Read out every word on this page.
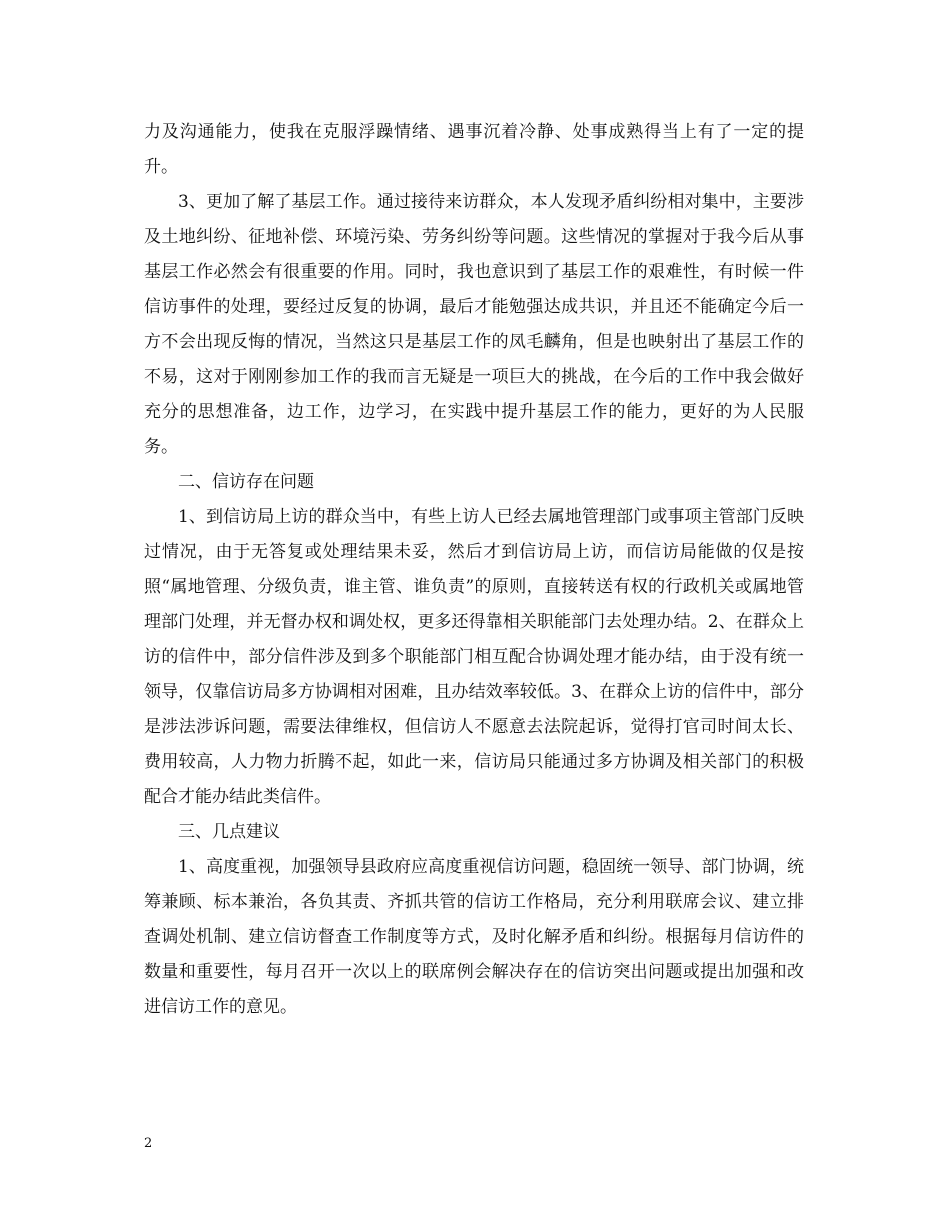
力及沟通能力，使我在克服浮躁情绪、遇事沉着冷静、处事成熟得当上有了一定的提升。

3、更加了解了基层工作。通过接待来访群众，本人发现矛盾纠纷相对集中，主要涉及土地纠纷、征地补偿、环境污染、劳务纠纷等问题。这些情况的掌握对于我今后从事基层工作必然会有很重要的作用。同时，我也意识到了基层工作的艰难性，有时候一件信访事件的处理，要经过反复的协调，最后才能勉强达成共识，并且还不能确定今后一方不会出现反悔的情况，当然这只是基层工作的凤毛麟角，但是也映射出了基层工作的不易，这对于刚刚参加工作的我而言无疑是一项巨大的挑战，在今后的工作中我会做好充分的思想准备，边工作，边学习，在实践中提升基层工作的能力，更好的为人民服务。

二、信访存在问题

1、到信访局上访的群众当中，有些上访人已经去属地管理部门或事项主管部门反映过情况，由于无答复或处理结果未妥，然后才到信访局上访，而信访局能做的仅是按照“属地管理、分级负责，谁主管、谁负责”的原则，直接转送有权的行政机关或属地管理部门处理，并无督办权和调处权，更多还得靠相关职能部门去处理办结。2、在群众上访的信件中，部分信件涉及到多个职能部门相互配合协调处理才能办结，由于没有统一领导，仅靠信访局多方协调相对困难，且办结效率较低。3、在群众上访的信件中，部分是涉法涉诉问题，需要法律维权，但信访人不愿意去法院起诉，觉得打官司时间太长、费用较高，人力物力折腾不起，如此一来，信访局只能通过多方协调及相关部门的积极配合才能办结此类信件。

三、几点建议

1、高度重视，加强领导县政府应高度重视信访问题，稳固统一领导、部门协调，统筹兼顾、标本兼治，各负其责、齐抓共管的信访工作格局，充分利用联席会议、建立排查调处机制、建立信访督查工作制度等方式，及时化解矛盾和纠纷。根据每月信访件的数量和重要性，每月召开一次以上的联席例会解决存在的信访突出问题或提出加强和改进信访工作的意见。

2
